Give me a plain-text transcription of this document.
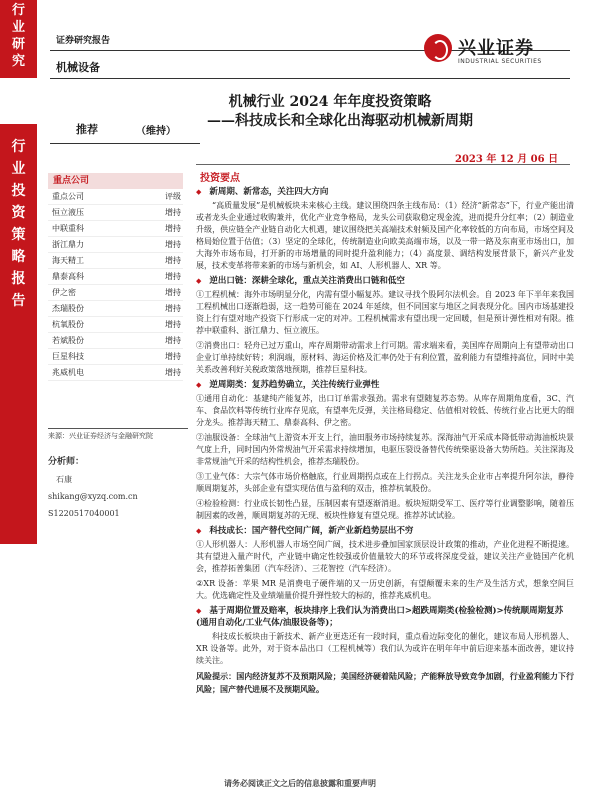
行
业
研
究
行
业
投
资
策
略
报
告
证券研究报告
机械设备
兴业证券
INDUSTRIAL SECURITIES
机械行业 2024 年年度投资策略
——科技成长和全球化出海驱动机械新周期
推荐	（维持）
2023 年 12 月 06 日
投资要点
重点公司
重点公司	评级
恒立液压	增持
中联重科	增持
浙江鼎力	增持
海天精工	增持
鼎泰高科	增持
伊之密	增持
杰瑞股份	增持
杭氧股份	增持
若斌股份	增持
巨星科技	增持
兆威机电	增持
来源：兴业证券经济与金融研究院
分析师：
石康
shikang@xyzq.com.cn
S1220517040001
◆ 新周期、新常态，关注四大方向
“高质量发展”是机械板块未来核心主线。建议围绕四条主线布局：（1）经济“新常态”下，行业产能出清或者龙头企业通过收购兼并，优化产业竞争格局，龙头公司获取稳定现金流，进而提升分红率；（2）制造业升级，供应链全产业链自动化大机遇，建议围绕把关高端技术射频及国产化率较低的方向布局，市场空间及格局始位置于估值；（3）坚定的全球化，传统制造业向欧美高端市场，以及一带一路及东南亚市场出口，加大海外市场布局，打开新的市场增量的同时提升盈利能力；（4）高度景、调结构发展背景下，新兴产业发展，技术变革将带来新的市场与新机会，如 AI、人形机器人、XR 等。
◆ 逆出口链：深耕全球化，重点关注消费出口链和低空
①工程机械：海外市场明显分化，内需有望小幅复苏。建议寻找个股阿尔法机会。自 2023 年下半年来我国工程机械出口逐渐趋弱，这一趋势可能在 2024 年延续，但不同国家与地区之间表现分化。国内市场基建投资上行有望对地产投资下行形成一定的对冲。工程机械需求有望出现一定回暖，但是预计弹性相对有限。推荐中联重科、浙江鼎力、恒立液压。
②消费出口：轻舟已过万重山，库存周期带动需求上行可期。需求端来看，美国库存周期向上有望带动出口企业订单持续好转；利润端，原材料、海运价格及汇率仍处于有利位置，盈利能力有望维持高位，同时中美关系改善利好关税政策落地预期，推荐巨星科技。
◆ 逆周期类：复苏趋势确立，关注传统行业弹性
①通用自动化：基建纯产能复苏，出口订单需求强劲。需求有望随复苏态势。从库存周期角度看，3C、汽车、食品饮料等传统行业库存见底，有望率先反弹，关注格局稳定、估值相对较低、传统行业占比更大的细分龙头。推荐海天精工、鼎泰高科、伊之密。
②油服设备：全球油气上游资本开支上行，油田服务市场持续复苏。深海油气开采成本降低带动海油板块景气度上升，同时国内外常规油气开采需求持续增加，电驱压裂设备替代传统柴驱设备大势所趋。关注深海及非常规油气开采的结构性机会，推荐杰瑞股份。
③工业气体：大宗气体市场价格触底，行业周期拐点或在上行拐点。关注龙头企业市占率提升阿尔法，静待顺周期复苏，头部企业有望实现估值与盈利的双击，推荐杭氧股份。
④检验检测：行业成长韧性凸显，压制因素有望逐渐消退。板块短期受军工、医疗等行业调整影响，随着压制因素的改善，顺周期复苏的无现、板块性修复有望兑现。推荐苏试试验。
◆ 科技成长：国产替代空间广阔，新产业新趋势层出不穷
①人形机器人：人形机器人市场空间广阔，技术进步叠加国家顶层设计政策的推动，产业化进程不断提速。其有望进入量产时代，产业链中确定性较强或价值量较大的环节或将深度受益，建议关注产业链国产化机会，推荐拓普集团（汽车经济）、三花智控（汽车经济）。
②XR 设备：苹果 MR 是消费电子硬件端的又一历史创新，有望颠覆未来的生产及生活方式，想象空间巨大。优选确定性及业绩端量价提升弹性较大的标的，推荐兆威机电。
◆ 基于周期位置及赔率，板块排序上我们认为消费出口>超跌周期类(检验检测)>传统顺周期复苏(通用自动化/工业气体/油服设备等)；
科技成长板块由于新技术、新产业更迭还有一段时间，重点看边际变化的催化，建议布局人形机器人、XR 设备等。此外，对于资本品出口（工程机械等）我们认为或许在明年年中前后迎来基本面改善，建议持续关注。
风险提示：国内经济复苏不及预期风险；美国经济硬着陆风险；产能释放导致竞争加剧，行业盈利能力下行风险；国产替代进展不及预期风险。
请务必阅读正文之后的信息披露和重要声明
